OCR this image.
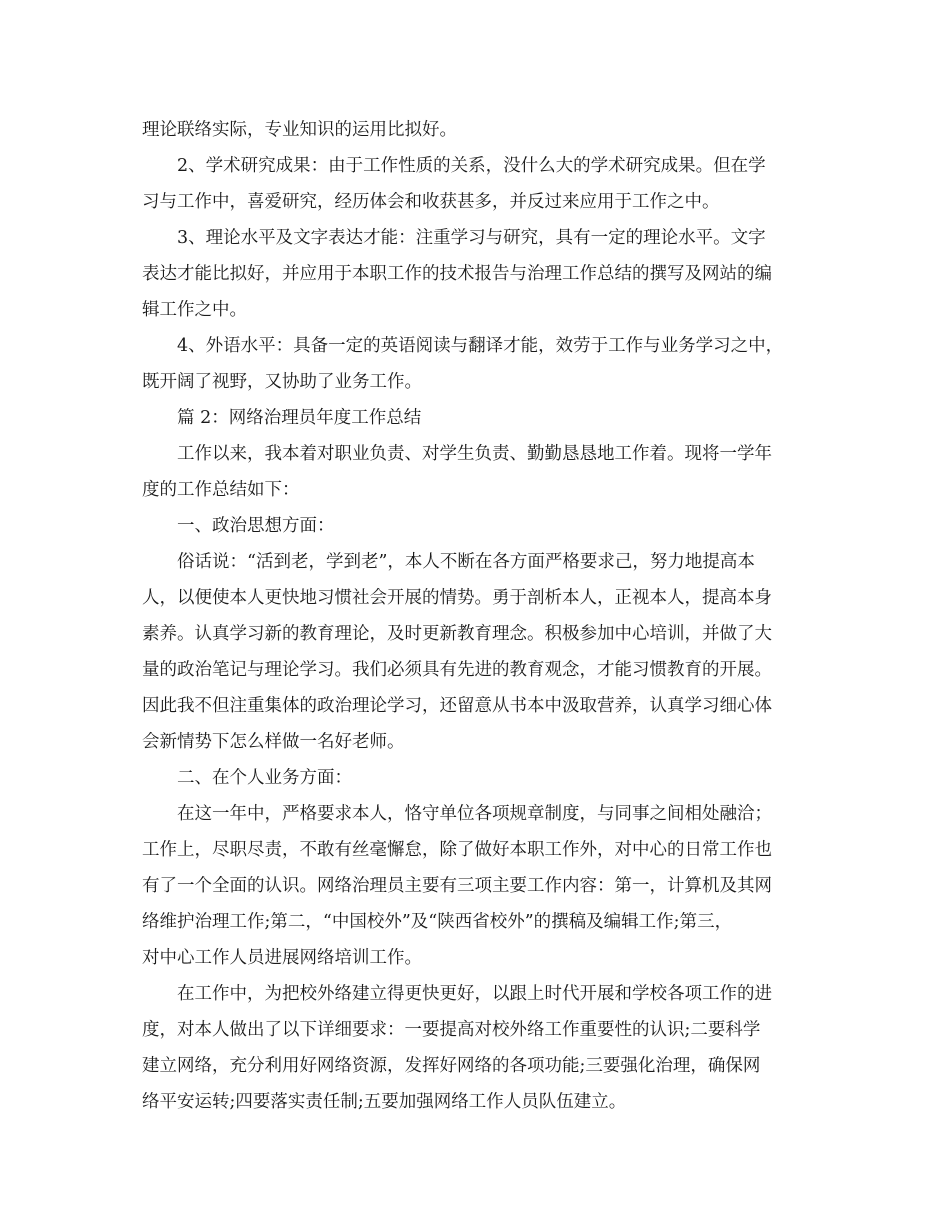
理论联络实际，专业知识的运用比拟好。
2、学术研究成果：由于工作性质的关系，没什么大的学术研究成果。但在学
习与工作中，喜爱研究，经历体会和收获甚多，并反过来应用于工作之中。
3、理论水平及文字表达才能：注重学习与研究，具有一定的理论水平。文字
表达才能比拟好，并应用于本职工作的技术报告与治理工作总结的撰写及网站的编
辑工作之中。
4、外语水平：具备一定的英语阅读与翻译才能，效劳于工作与业务学习之中，
既开阔了视野，又协助了业务工作。
篇 2：网络治理员年度工作总结
工作以来，我本着对职业负责、对学生负责、勤勤恳恳地工作着。现将一学年
度的工作总结如下：
一、政治思想方面：
俗话说：“活到老，学到老”，本人不断在各方面严格要求己，努力地提高本
人，以便使本人更快地习惯社会开展的情势。勇于剖析本人，正视本人，提高本身
素养。认真学习新的教育理论，及时更新教育理念。积极参加中心培训，并做了大
量的政治笔记与理论学习。我们必须具有先进的教育观念，才能习惯教育的开展。
因此我不但注重集体的政治理论学习，还留意从书本中汲取营养，认真学习细心体
会新情势下怎么样做一名好老师。
二、在个人业务方面：
在这一年中，严格要求本人，恪守单位各项规章制度，与同事之间相处融洽；
工作上，尽职尽责，不敢有丝毫懈怠，除了做好本职工作外，对中心的日常工作也
有了一个全面的认识。网络治理员主要有三项主要工作内容：第一，计算机及其网
络维护治理工作;第二，“中国校外”及“陕西省校外”的撰稿及编辑工作;第三，
对中心工作人员进展网络培训工作。
在工作中，为把校外络建立得更快更好，以跟上时代开展和学校各项工作的进
度，对本人做出了以下详细要求：一要提高对校外络工作重要性的认识;二要科学
建立网络，充分利用好网络资源，发挥好网络的各项功能;三要强化治理，确保网
络平安运转;四要落实责任制;五要加强网络工作人员队伍建立。
